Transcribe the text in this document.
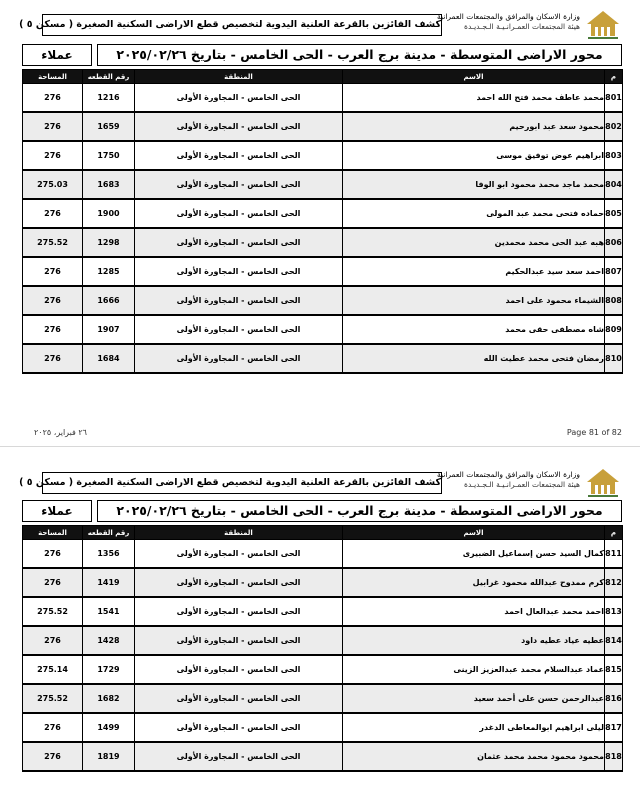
وزارة الاسكان والمرافق والمجتمعات العمرانية
هيئة المجتمعات العمـرانـيـة الـجـديـدة
كشف الفائزين بالقرعة العلنية اليدوية لتخصيص قطع الاراضى السكنية الصغيرة ( مسكن ٥ )
محور الاراضى المتوسطة - مدينة برج العرب - الحى الخامس - بتاريخ ٢٠٢٥/٠٢/٢٦
عملاء
م	الاسم	المنطقة	رقم القطعه	المساحة
801	محمد عاطف محمد فتح الله احمد	الحى الخامس - المجاورة الأولى	1216	276
802	محمود سعد عبد ابورحيم	الحى الخامس - المجاورة الأولى	1659	276
803	ابراهيم عوض توفيق موسى	الحى الخامس - المجاورة الأولى	1750	276
804	محمد ماجد محمد محمود ابو الوفا	الحى الخامس - المجاورة الأولى	1683	275.03
805	حماده فتحى محمد عبد المولى	الحى الخامس - المجاورة الأولى	1900	276
806	هبه عبد الحى محمد محمدين	الحى الخامس - المجاورة الأولى	1298	275.52
807	احمد سعد سيد عبدالحكيم	الحى الخامس - المجاورة الأولى	1285	276
808	الشيماء محمود على احمد	الحى الخامس - المجاورة الأولى	1666	276
809	شاه مصطفى حقى محمد	الحى الخامس - المجاورة الأولى	1907	276
810	رمضان فتحى محمد عطيت الله	الحى الخامس - المجاورة الأولى	1684	276
٢٦ فبراير، ٢٠٢٥	Page 81 of 82
وزارة الاسكان والمرافق والمجتمعات العمرانية
هيئة المجتمعات العمـرانـيـة الـجـديـدة
كشف الفائزين بالقرعة العلنية اليدوية لتخصيص قطع الاراضى السكنية الصغيرة ( مسكن ٥ )
محور الاراضى المتوسطة - مدينة برج العرب - الحى الخامس - بتاريخ ٢٠٢٥/٠٢/٢٦
عملاء
م	الاسم	المنطقة	رقم القطعه	المساحة
811	كمال السيد حسن إسماعيل الضبيرى	الحى الخامس - المجاورة الأولى	1356	276
812	كرم ممدوح عبدالله محمود غرابيل	الحى الخامس - المجاورة الأولى	1419	276
813	احمد محمد عبدالعال احمد	الحى الخامس - المجاورة الأولى	1541	275.52
814	عطيه عياد عطيه داود	الحى الخامس - المجاورة الأولى	1428	276
815	عماد عبدالسلام محمد عبدالعزيز الزينى	الحى الخامس - المجاورة الأولى	1729	275.14
816	عبدالرحمن حسن على أحمد سعيد	الحى الخامس - المجاورة الأولى	1682	275.52
817	ليلى ابراهيم ابوالمعاطى الدغدر	الحى الخامس - المجاورة الأولى	1499	276
818	محمود محمود محمد محمد عثمان	الحى الخامس - المجاورة الأولى	1819	276
